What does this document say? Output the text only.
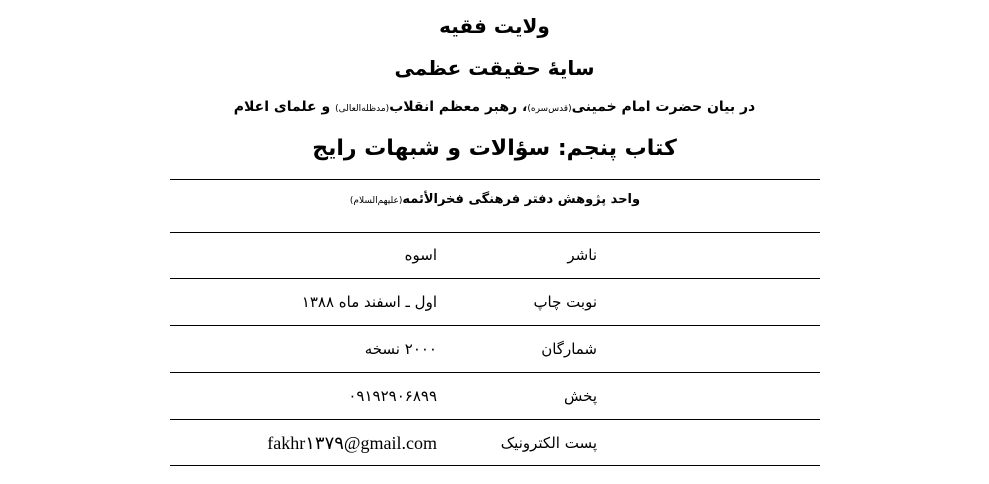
ولایت فقیه
سایۀ حقیقت عظمی
در بیان حضرت امام خمینی(قدس‌سره)، رهبر معظم انقلاب(مدظله‌العالی) و علمای اعلام
کتاب پنجم: سؤالات و شبهات رایج
واحد پژوهش دفتر فرهنگی فخرالأئمه(علیهم‌السلام)
ناشر
اسوه
نوبت چاپ
اول ـ اسفند ماه ۱۳۸۸
شمارگان
۲۰۰۰ نسخه
پخش
۰۹۱۹۲۹۰۶۸۹۹
پست الکترونیک
fakhr۱۳۷۹@gmail.com
